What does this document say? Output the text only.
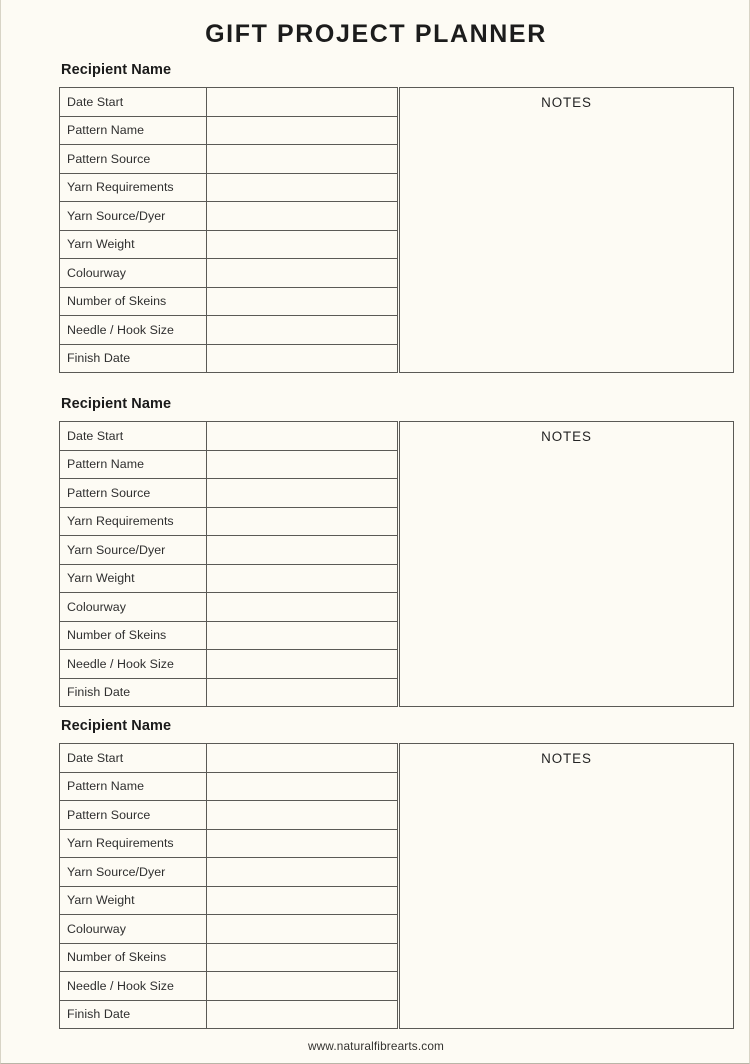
GIFT PROJECT PLANNER
Recipient Name
Date Start	
Pattern Name	
Pattern Source	
Yarn Requirements	
Yarn Source/Dyer	
Yarn Weight	
Colourway	
Number of Skeins	
Needle / Hook Size	
Finish Date	
NOTES
Recipient Name
Date Start	
Pattern Name	
Pattern Source	
Yarn Requirements	
Yarn Source/Dyer	
Yarn Weight	
Colourway	
Number of Skeins	
Needle / Hook Size	
Finish Date	
NOTES
Recipient Name
Date Start	
Pattern Name	
Pattern Source	
Yarn Requirements	
Yarn Source/Dyer	
Yarn Weight	
Colourway	
Number of Skeins	
Needle / Hook Size	
Finish Date	
NOTES
www.naturalfibrearts.com
